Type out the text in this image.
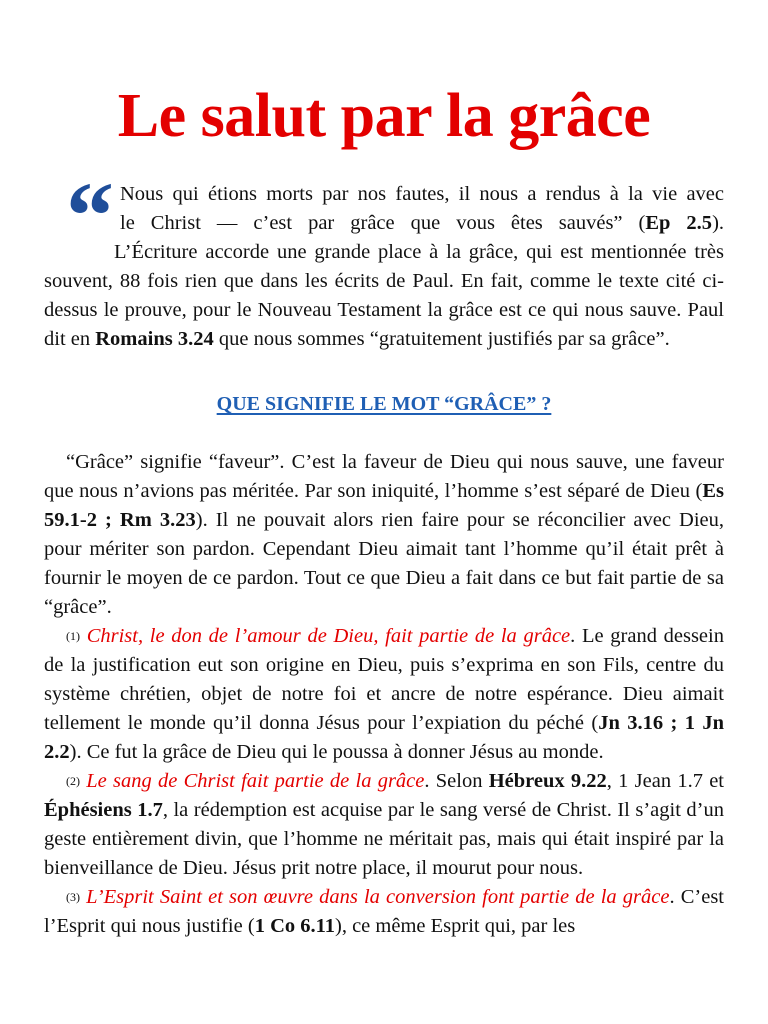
Le salut par la grâce
“ Nous qui étions morts par nos fautes, il nous a rendus à la vie avec

le Christ — c’est par grâce que vous êtes sauvés” (Ep 2.5).

L’Écriture accorde une grande place à la grâce, qui est mentionnée très souvent, 88 fois rien que dans les écrits de Paul. En fait, comme le texte cité ci-dessus le prouve, pour le Nouveau Testament la grâce est ce qui nous sauve. Paul dit en Romains 3.24 que nous sommes “gratuitement justifiés par sa grâce”.

QUE SIGNIFIE LE MOT “GRÂCE” ?

“Grâce” signifie “faveur”. C’est la faveur de Dieu qui nous sauve, une faveur que nous n’avions pas méritée. Par son iniquité, l’homme s’est séparé de Dieu (Es 59.1-2 ; Rm 3.23). Il ne pouvait alors rien faire pour se réconcilier avec Dieu, pour mériter son pardon. Cependant Dieu aimait tant l’homme qu’il était prêt à fournir le moyen de ce pardon. Tout ce que Dieu a fait dans ce but fait partie de sa “grâce”.

(1) Christ, le don de l’amour de Dieu, fait partie de la grâce. Le grand dessein de la justification eut son origine en Dieu, puis s’exprima en son Fils, centre du système chrétien, objet de notre foi et ancre de notre espérance. Dieu aimait tellement le monde qu’il donna Jésus pour l’expiation du péché (Jn 3.16 ; 1 Jn 2.2). Ce fut la grâce de Dieu qui le poussa à donner Jésus au monde.

(2) Le sang de Christ fait partie de la grâce. Selon Hébreux 9.22, 1 Jean 1.7 et Éphésiens 1.7, la rédemption est acquise par le sang versé de Christ. Il s’agit d’un geste entièrement divin, que l’homme ne méritait pas, mais qui était inspiré par la bienveillance de Dieu. Jésus prit notre place, il mourut pour nous.

(3) L’Esprit Saint et son œuvre dans la conversion font partie de la grâce. C’est l’Esprit qui nous justifie (1 Co 6.11), ce même Esprit qui, par les
